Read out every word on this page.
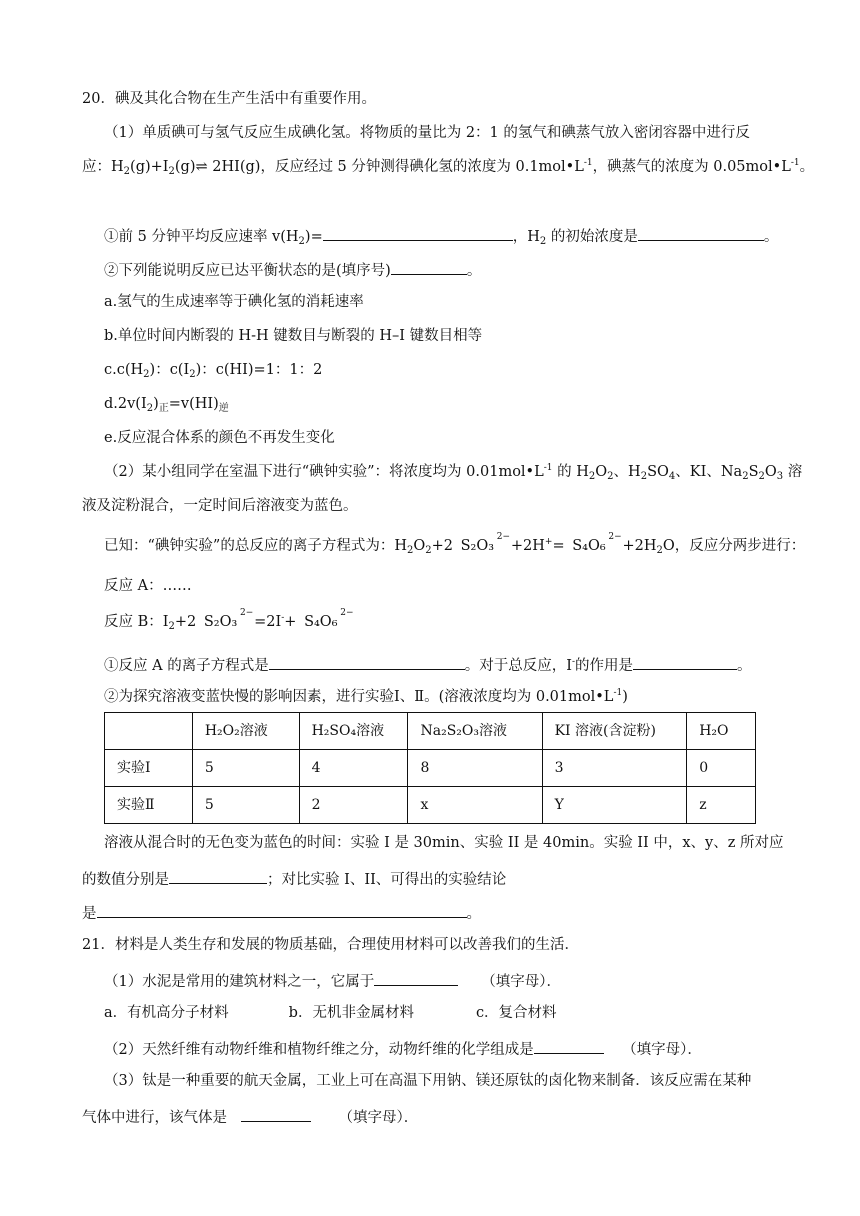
20．碘及其化合物在生产生活中有重要作用。
（1）单质碘可与氢气反应生成碘化氢。将物质的量比为 2：1 的氢气和碘蒸气放入密闭容器中进行反
应：$H_2(g)+I_2(g)\rightleftharpoons$ 2HI(g)，反应经过 5 分钟测得碘化氢的浓度为 $0.1mol•L^{-1}$，碘蒸气的浓度为 $0.05mol•L^{-1}$。
①前 5 分钟平均反应速率 $v(H_2)=$	，$H_2$ 的初始浓度是	。
②下列能说明反应已达平衡状态的是(填序号)	。
a.氢气的生成速率等于碘化氢的消耗速率
b.单位时间内断裂的 H-H 键数目与断裂的 H–I 键数目相等
$c.c(H_2)$：$c(I_2)$：c(HI)=1：1：2
$d.2v(I_2)_正=v(HI)_逆$
e.反应混合体系的颜色不再发生变化
（2）某小组同学在室温下进行“碘钟实验”：将浓度均为 $0.01mol•L^{-1}$ 的 $H_2O_2$、$H_2SO_4$、KI、$Na_2S_2O_3$ 溶
液及淀粉混合，一定时间后溶液变为蓝色。
已知：“碘钟实验”的总反应的离子方程式为：$H_2O_2+2$ S₂O₃
2−
+2H+= S₄O₆
2−
$+2H_2O$，反应分两步进行：
反应 A：……
反应 B：$I_2+2$ S₂O₃
2−
=2I-+ S₄O₆
2−
①反应 A 的离子方程式是	。对于总反应，I-的作用是	。
②为探究溶液变蓝快慢的影响因素，进行实验Ⅰ、Ⅱ。(溶液浓度均为 $0.01mol•L^{-1}$)
	H₂O₂溶液	H₂SO₄溶液	Na₂S₂O₃溶液	KI 溶液(含淀粉)	H₂O
实验Ⅰ	5	4	8	3	0
实验Ⅱ	5	2	x	Y	z
溶液从混合时的无色变为蓝色的时间：实验 I 是 30min、实验 II 是 40min。实验 II 中，x、y、z 所对应
的数值分别是	；对比实验 I、II、可得出的实验结论
是	。
21．材料是人类生存和发展的物质基础，合理使用材料可以改善我们的生活．
（1）水泥是常用的建筑材料之一，它属于	（填字母）．
a．有机高分子材料	b．无机非金属材料	c．复合材料
（2）天然纤维有动物纤维和植物纤维之分，动物纤维的化学组成是	（填字母）．
（3）钛是一种重要的航天金属，工业上可在高温下用钠、镁还原钛的卤化物来制备．该反应需在某种
气体中进行，该气体是	（填字母）．
